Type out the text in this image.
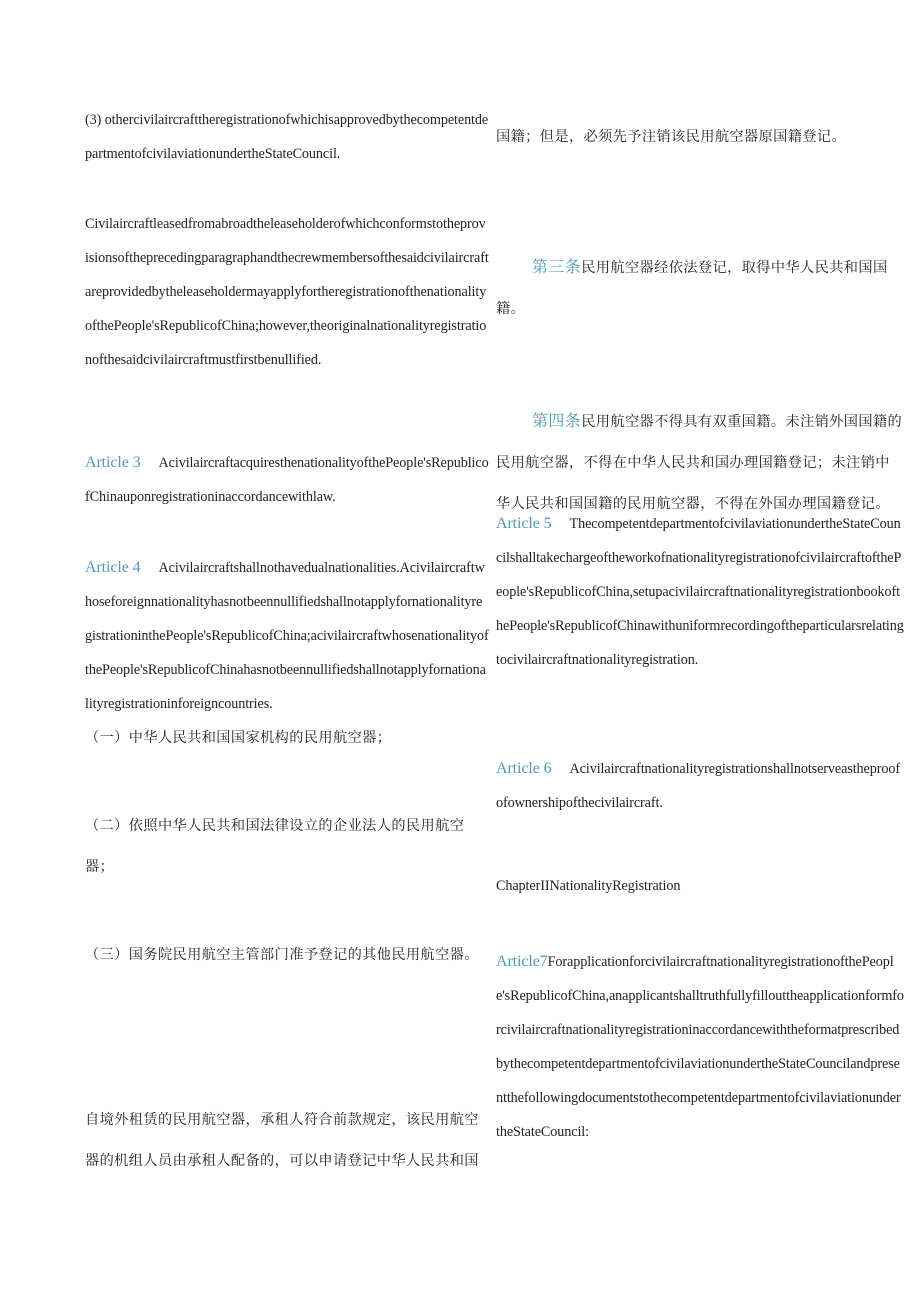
(3) othercivilaircrafttheregistrationofwhichisapprovedbythecompetentdepartmentofcivilaviationundertheStateCouncil.

CivilaircraftleasedfromabroadtheleaseholderofwhichconformstotheprovisionsoftheprecedingparagraphandthecrewmembersofthesaidcivilaircraftareprovidedbytheleaseholdermayapplyfortheregistrationofthenationalityofthePeople'sRepublicofChina;however,theoriginalnationalityregistrationofthesaidcivilaircraftmustfirstbenullified.

Article 3 AcivilaircraftacquiresthenationalityofthePeople'sRepublicofChinauponregistrationinaccordancewithlaw.

Article 4 Acivilaircraftshallnothavedualnationalities.AcivilaircraftwhoseforeignnationalityhasnotbeennullifiedshallnotapplyfornationalityregistrationinthePeople'sRepublicofChina;acivilaircraftwhosenationalityofthePeople'sRepublicofChinahasnotbeennullifiedshallnotapplyfornationalityregistrationinforeigncountries.

（一）中华人民共和国国家机构的民用航空器；

（二）依照中华人民共和国法律设立的企业法人的民用航空器；

（三）国务院民用航空主管部门准予登记的其他民用航空器。

自境外租赁的民用航空器，承租人符合前款规定，该民用航空器的机组人员由承租人配备的，可以申请登记中华人民共和国

国籍；但是，必须先予注销该民用航空器原国籍登记。

第三条民用航空器经依法登记，取得中华人民共和国国籍。

第四条民用航空器不得具有双重国籍。未注销外国国籍的民用航空器，不得在中华人民共和国办理国籍登记；未注销中华人民共和国国籍的民用航空器，不得在外国办理国籍登记。

Article 5 ThecompetentdepartmentofcivilaviationundertheStateCouncilshalltakechargeoftheworkofnationalityregistrationofcivilaircraftofthePeople'sRepublicofChina,setupacivilaircraftnationalityregistrationbookofthePeople'sRepublicofChinawithuniformrecordingoftheparticularsrelatingtocivilaircraftnationalityregistration.

Article 6 Acivilaircraftnationalityregistrationshallnotserveastheproofofownershipofthecivilaircraft.

ChapterIINationalityRegistration

Article7ForapplicationforcivilaircraftnationalityregistrationofthePeople'sRepublicofChina,anapplicantshalltruthfullyfillouttheapplicationformforcivilaircraftnationalityregistrationinaccordancewiththeformatprescribedbythecompetentdepartmentofcivilaviationundertheStateCouncilandpresentthefollowingdocumentstothecompetentdepartmentofcivilaviationundertheStateCouncil:
